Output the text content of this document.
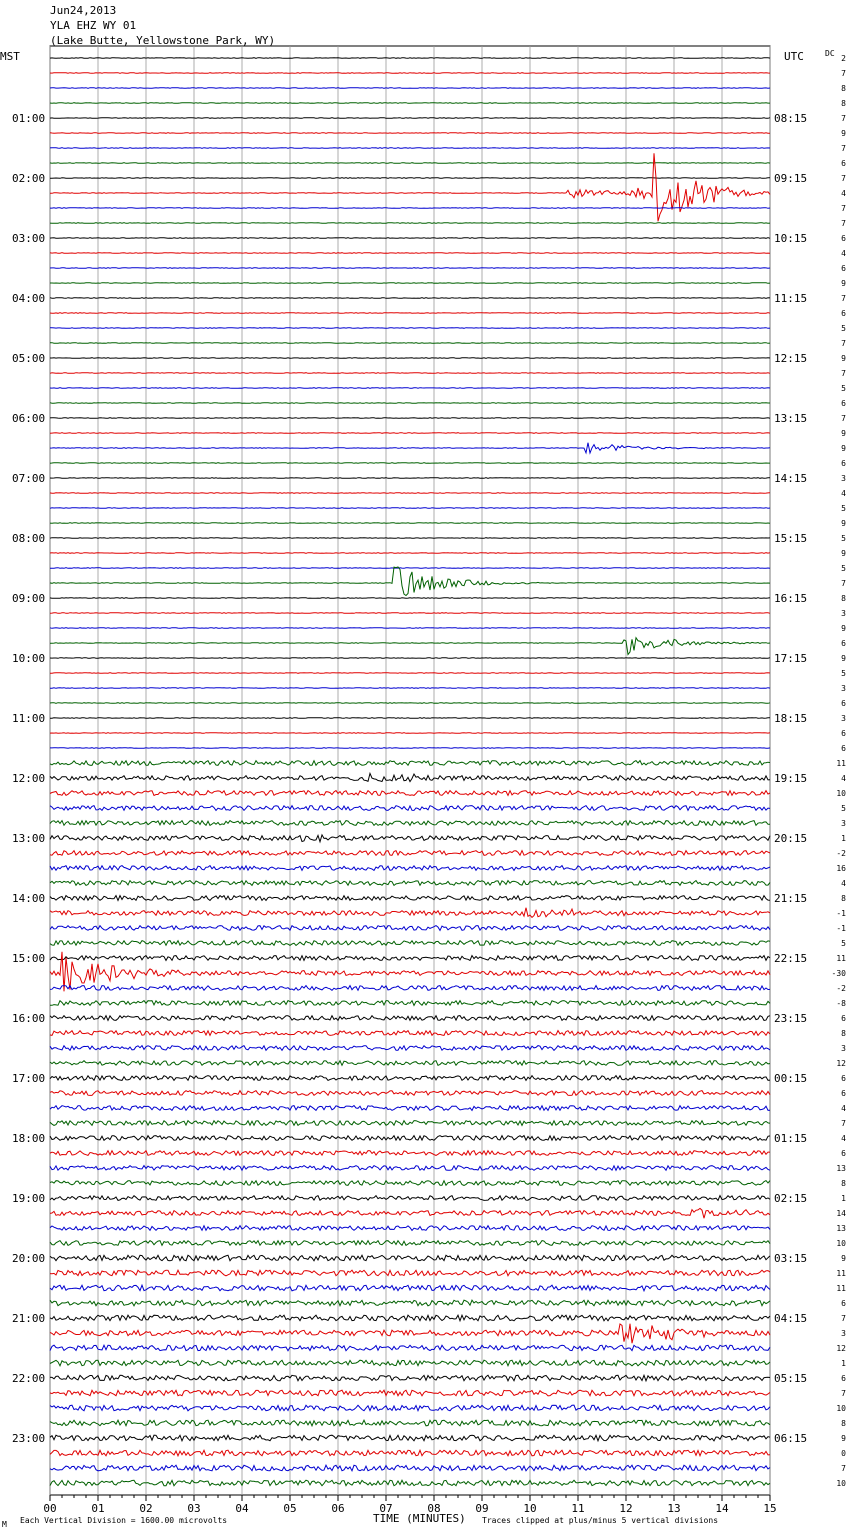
Jun24,2013
YLA EHZ WY 01
(Lake Butte, Yellowstone Park, WY)
MST	UTC	DC
00	01	02	03	04	05	06	07	08	09	10	11	12	13	14	15
01:00
02:00
03:00
04:00
05:00
06:00
07:00
08:00
09:00
10:00
11:00
12:00
13:00
14:00
15:00
16:00
17:00
18:00
19:00
20:00
21:00
22:00
23:00
08:15
09:15
10:15
11:15
12:15
13:15
14:15
15:15
16:15
17:15
18:15
19:15
20:15
21:15
22:15
23:15
00:15
01:15
02:15
03:15
04:15
05:15
06:15
2
7
8
8
7
9
7
6
7
4
7
7
6
4
6
9
7
6
5
7
9
7
5
6
7
9
9
6
3
4
5
9
5
9
5
7
8
3
9
6
9
5
3
6
3
6
6
11
4
10
5
3
1
-2
16
4
8
-1
-1
5
11
-30
-2
-8
6
8
3
12
6
6
4
7
4
6
13
8
1
14
13
10
9
11
11
6
7
3
12
1
6
7
10
8
9
0
7
10
M Each Vertical Division = 1600.00 microvolts	TIME (MINUTES) Traces clipped at plus/minus 5 vertical divisions
